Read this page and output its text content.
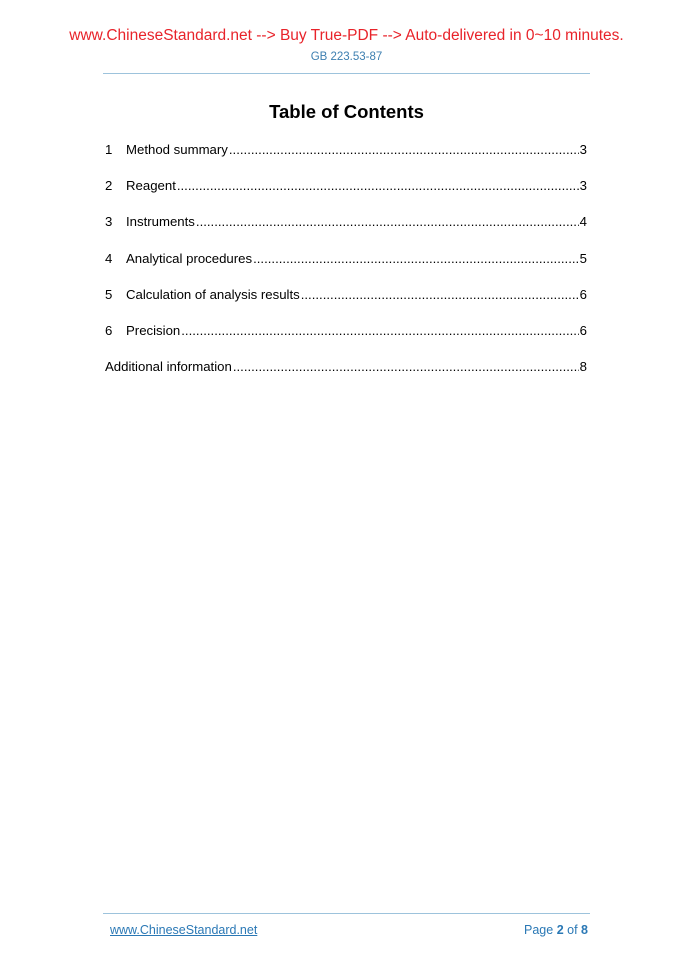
www.ChineseStandard.net --> Buy True-PDF --> Auto-delivered in 0~10 minutes.
GB 223.53-87
Table of Contents
1	Method summary .....	3
2	Reagent .....	3
3	Instruments .....	4
4	Analytical procedures .....	5
5	Calculation of analysis results .....	6
6	Precision .....	6
Additional information .....	8
www.ChineseStandard.net	Page 2 of 8
